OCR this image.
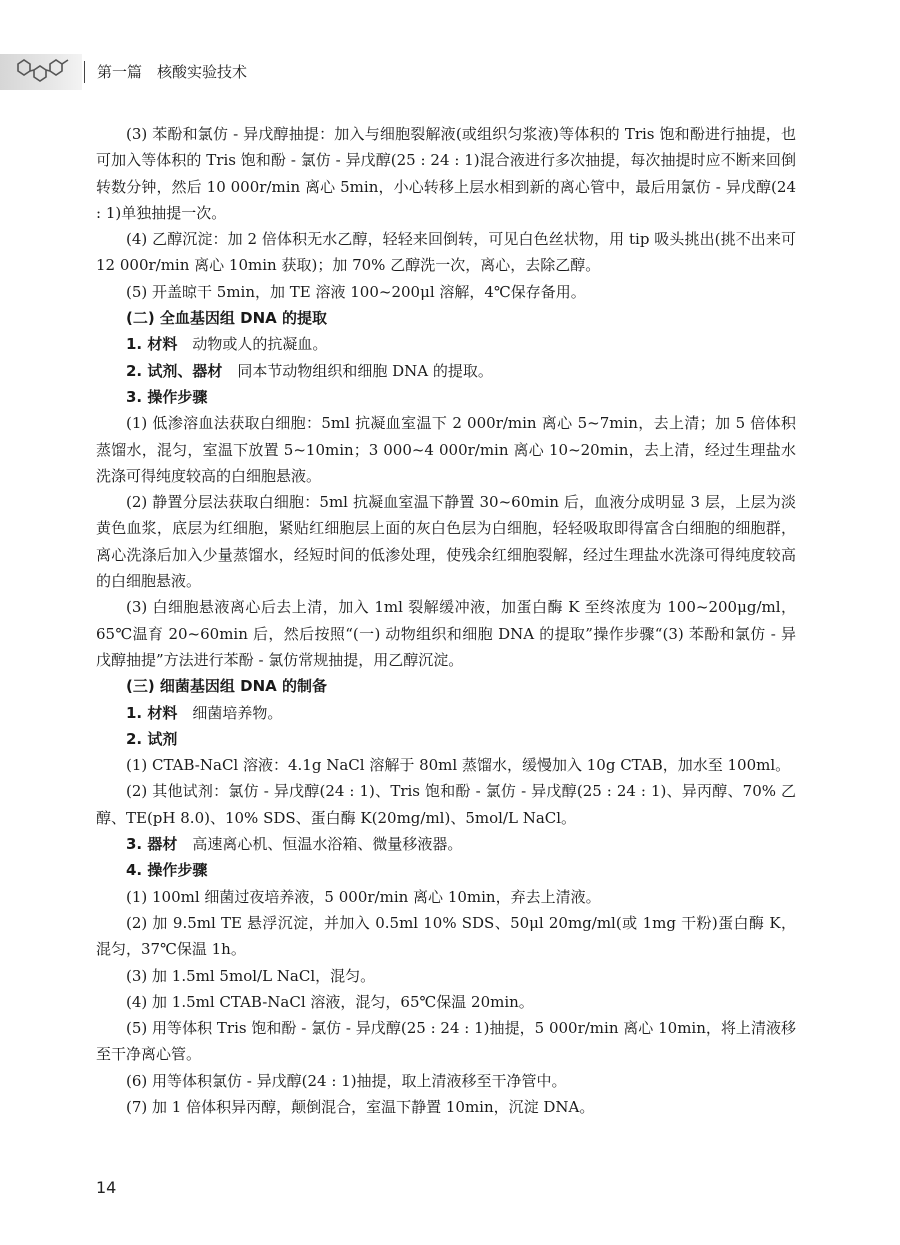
第一篇　核酸实验技术

(3) 苯酚和氯仿 - 异戊醇抽提：加入与细胞裂解液(或组织匀浆液)等体积的 Tris 饱和酚进行抽提，也可加入等体积的 Tris 饱和酚 - 氯仿 - 异戊醇(25 : 24 : 1)混合液进行多次抽提，每次抽提时应不断来回倒转数分钟，然后 10 000r/min 离心 5min，小心转移上层水相到新的离心管中，最后用氯仿 - 异戊醇(24 : 1)单独抽提一次。

(4) 乙醇沉淀：加 2 倍体积无水乙醇，轻轻来回倒转，可见白色丝状物，用 tip 吸头挑出(挑不出来可 12 000r/min 离心 10min 获取)；加 70% 乙醇洗一次，离心，去除乙醇。

(5) 开盖晾干 5min，加 TE 溶液 100~200μl 溶解，4℃保存备用。

(二) 全血基因组 DNA 的提取

1. 材料　 动物或人的抗凝血。

2. 试剂、器材　 同本节动物组织和细胞 DNA 的提取。

3. 操作步骤

(1) 低渗溶血法获取白细胞：5ml 抗凝血室温下 2 000r/min 离心 5~7min，去上清；加 5 倍体积蒸馏水，混匀，室温下放置 5~10min；3 000~4 000r/min 离心 10~20min，去上清，经过生理盐水洗涤可得纯度较高的白细胞悬液。

(2) 静置分层法获取白细胞：5ml 抗凝血室温下静置 30~60min 后，血液分成明显 3 层，上层为淡黄色血浆，底层为红细胞，紧贴红细胞层上面的灰白色层为白细胞，轻轻吸取即得富含白细胞的细胞群，离心洗涤后加入少量蒸馏水，经短时间的低渗处理，使残余红细胞裂解，经过生理盐水洗涤可得纯度较高的白细胞悬液。

(3) 白细胞悬液离心后去上清，加入 1ml 裂解缓冲液，加蛋白酶 K 至终浓度为 100~200μg/ml，65℃温育 20~60min 后，然后按照“(一) 动物组织和细胞 DNA 的提取”操作步骤“(3) 苯酚和氯仿 - 异戊醇抽提”方法进行苯酚 - 氯仿常规抽提，用乙醇沉淀。

(三) 细菌基因组 DNA 的制备

1. 材料　 细菌培养物。

2. 试剂

(1) CTAB-NaCl 溶液：4.1g NaCl 溶解于 80ml 蒸馏水，缓慢加入 10g CTAB，加水至 100ml。

(2) 其他试剂：氯仿 - 异戊醇(24 : 1)、Tris 饱和酚 - 氯仿 - 异戊醇(25 : 24 : 1)、异丙醇、70% 乙醇、TE(pH 8.0)、10% SDS、蛋白酶 K(20mg/ml)、5mol/L NaCl。

3. 器材　 高速离心机、恒温水浴箱、微量移液器。

4. 操作步骤

(1) 100ml 细菌过夜培养液，5 000r/min 离心 10min，弃去上清液。

(2) 加 9.5ml TE 悬浮沉淀，并加入 0.5ml 10% SDS、50μl 20mg/ml(或 1mg 干粉)蛋白酶 K，混匀，37℃保温 1h。

(3) 加 1.5ml 5mol/L NaCl，混匀。

(4) 加 1.5ml CTAB-NaCl 溶液，混匀，65℃保温 20min。

(5) 用等体积 Tris 饱和酚 - 氯仿 - 异戊醇(25 : 24 : 1)抽提，5 000r/min 离心 10min，将上清液移至干净离心管。

(6) 用等体积氯仿 - 异戊醇(24 : 1)抽提，取上清液移至干净管中。

(7) 加 1 倍体积异丙醇，颠倒混合，室温下静置 10min，沉淀 DNA。

14
